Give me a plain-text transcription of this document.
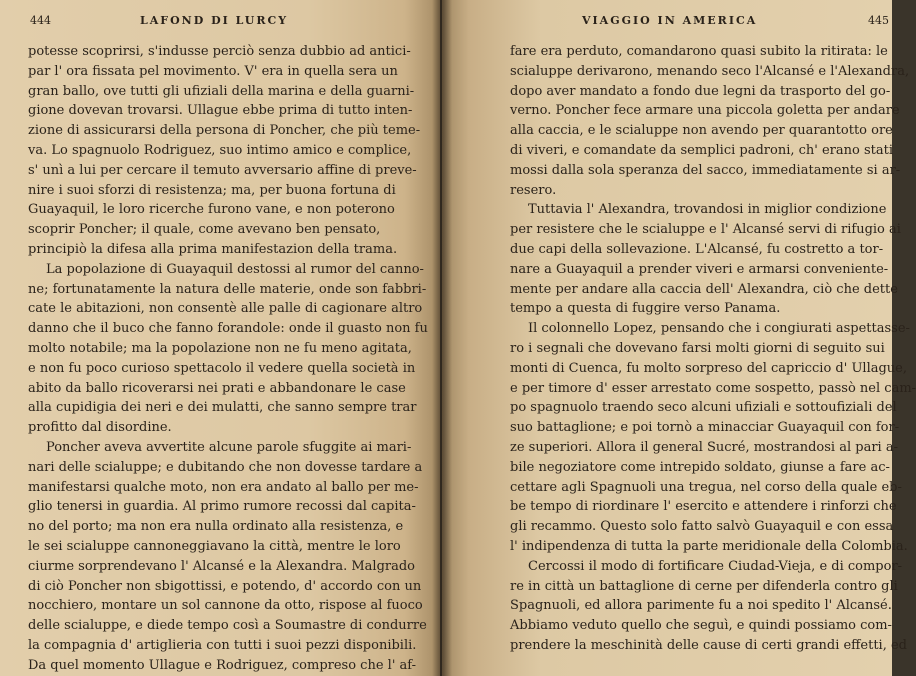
444	LAFOND DI LURCY
potesse scoprirsi, s'indusse perciò senza dubbio ad antici-
par l' ora fissata pel movimento. V' era in quella sera un
gran ballo, ove tutti gli ufiziali della marina e della guarni-
gione dovevan trovarsi. Ullague ebbe prima di tutto inten-
zione di assicurarsi della persona di Poncher, che più teme-
va. Lo spagnuolo Rodriguez, suo intimo amico e complice,
s' unì a lui per cercare il temuto avversario affine di preve-
nire i suoi sforzi di resistenza; ma, per buona fortuna di
Guayaquil, le loro ricerche furono vane, e non poterono
scoprir Poncher; il quale, come avevano ben pensato,
principiò la difesa alla prima manifestazion della trama.
La popolazione di Guayaquil destossi al rumor del canno-
ne; fortunatamente la natura delle materie, onde son fabbri-
cate le abitazioni, non consentè alle palle di cagionare altro
danno che il buco che fanno forandole: onde il guasto non fu
molto notabile; ma la popolazione non ne fu meno agitata,
e non fu poco curioso spettacolo il vedere quella società in
abito da ballo ricoverarsi nei prati e abbandonare le case
alla cupidigia dei neri e dei mulatti, che sanno sempre trar
profitto dal disordine.
Poncher aveva avvertite alcune parole sfuggite ai mari-
nari delle scialuppe; e dubitando che non dovesse tardare a
manifestarsi qualche moto, non era andato al ballo per me-
glio tenersi in guardia. Al primo rumore recossi dal capita-
no del porto; ma non era nulla ordinato alla resistenza, e
le sei scialuppe cannoneggiavano la città, mentre le loro
ciurme sorprendevano l' Alcansé e la Alexandra. Malgrado
di ciò Poncher non sbigottissi, e potendo, d' accordo con un
nocchiero, montare un sol cannone da otto, rispose al fuoco
delle scialuppe, e diede tempo così a Soumastre di condurre
la compagnia d' artiglieria con tutti i suoi pezzi disponibili.
Da quel momento Ullague e Rodriguez, compreso che l' af-
VIAGGIO IN AMERICA	445
fare era perduto, comandarono quasi subito la ritirata: le
scialuppe derivarono, menando seco l'Alcansé e l'Alexandra,
dopo aver mandato a fondo due legni da trasporto del go-
verno. Poncher fece armare una piccola goletta per andare
alla caccia, e le scialuppe non avendo per quarantotto ore
di viveri, e comandate da semplici padroni, ch' erano stati
mossi dalla sola speranza del sacco, immediatamente si ar-
resero.
Tuttavia l' Alexandra, trovandosi in miglior condizione
per resistere che le scialuppe e l' Alcansé servi di rifugio ai
due capi della sollevazione. L'Alcansé, fu costretto a tor-
nare a Guayaquil a prender viveri e armarsi conveniente-
mente per andare alla caccia dell' Alexandra, ciò che dette
tempo a questa di fuggire verso Panama.
Il colonnello Lopez, pensando che i congiurati aspettasse-
ro i segnali che dovevano farsi molti giorni di seguito sui
monti di Cuenca, fu molto sorpreso del capriccio d' Ullague,
e per timore d' esser arrestato come sospetto, passò nel cam-
po spagnuolo traendo seco alcuni ufiziali e sottoufiziali del
suo battaglione; e poi tornò a minacciar Guayaquil con for-
ze superiori. Allora il general Sucré, mostrandosi al pari a-
bile negoziatore come intrepido soldato, giunse a fare ac-
cettare agli Spagnuoli una tregua, nel corso della quale eb-
be tempo di riordinare l' esercito e attendere i rinforzi che
gli recammo. Questo solo fatto salvò Guayaquil e con essa
l' indipendenza di tutta la parte meridionale della Colombia.
Cercossi il modo di fortificare Ciudad-Vieja, e di compor-
re in città un battaglione di cerne per difenderla contro gli
Spagnuoli, ed allora parimente fu a noi spedito l' Alcansé.
Abbiamo veduto quello che seguì, e quindi possiamo com-
prendere la meschinità delle cause di certi grandi effetti, ed
